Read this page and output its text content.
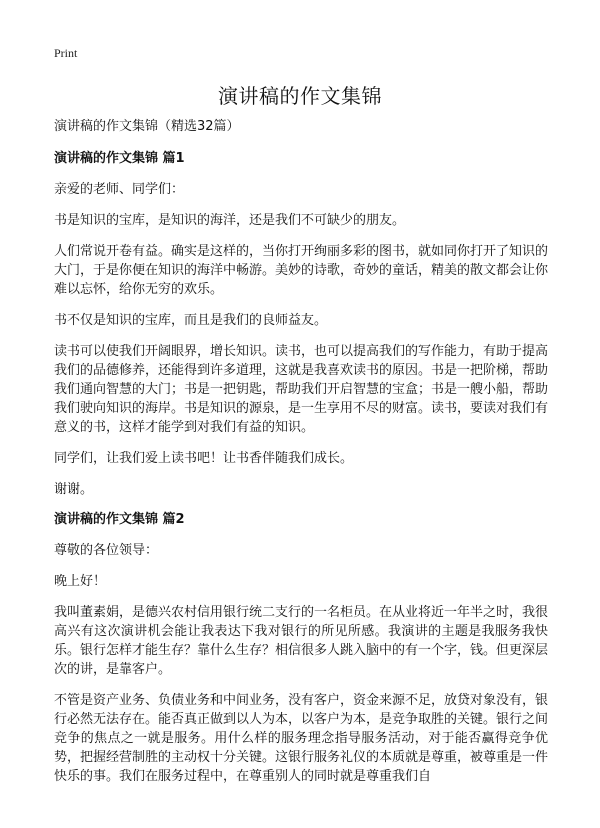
Print
演讲稿的作文集锦

演讲稿的作文集锦（精选32篇）

演讲稿的作文集锦 篇1

亲爱的老师、同学们：

书是知识的宝库，是知识的海洋，还是我们不可缺少的朋友。

人们常说开卷有益。确实是这样的，当你打开绚丽多彩的图书，就如同你打开了知识的大门，于是你便在知识的海洋中畅游。美妙的诗歌，奇妙的童话，精美的散文都会让你难以忘怀，给你无穷的欢乐。

书不仅是知识的宝库，而且是我们的良师益友。

读书可以使我们开阔眼界，增长知识。读书，也可以提高我们的写作能力，有助于提高我们的品德修养，还能得到许多道理，这就是我喜欢读书的原因。书是一把阶梯，帮助我们通向智慧的大门；书是一把钥匙，帮助我们开启智慧的宝盒；书是一艘小船，帮助我们驶向知识的海岸。书是知识的源泉，是一生享用不尽的财富。读书，要读对我们有意义的书，这样才能学到对我们有益的知识。

同学们，让我们爱上读书吧！让书香伴随我们成长。

谢谢。

演讲稿的作文集锦 篇2

尊敬的各位领导：

晚上好！

我叫董素娟，是德兴农村信用银行统二支行的一名柜员。在从业将近一年半之时，我很高兴有这次演讲机会能让我表达下我对银行的所见所感。我演讲的主题是我服务我快乐。银行怎样才能生存？靠什么生存？相信很多人跳入脑中的有一个字，钱。但更深层次的讲，是靠客户。

不管是资产业务、负债业务和中间业务，没有客户，资金来源不足，放贷对象没有，银行必然无法存在。能否真正做到以人为本，以客户为本，是竞争取胜的关键。银行之间竞争的焦点之一就是服务。用什么样的服务理念指导服务活动，对于能否赢得竞争优势，把握经营制胜的主动权十分关键。这银行服务礼仪的本质就是尊重，被尊重是一件快乐的事。我们在服务过程中，在尊重别人的同时就是尊重我们自
